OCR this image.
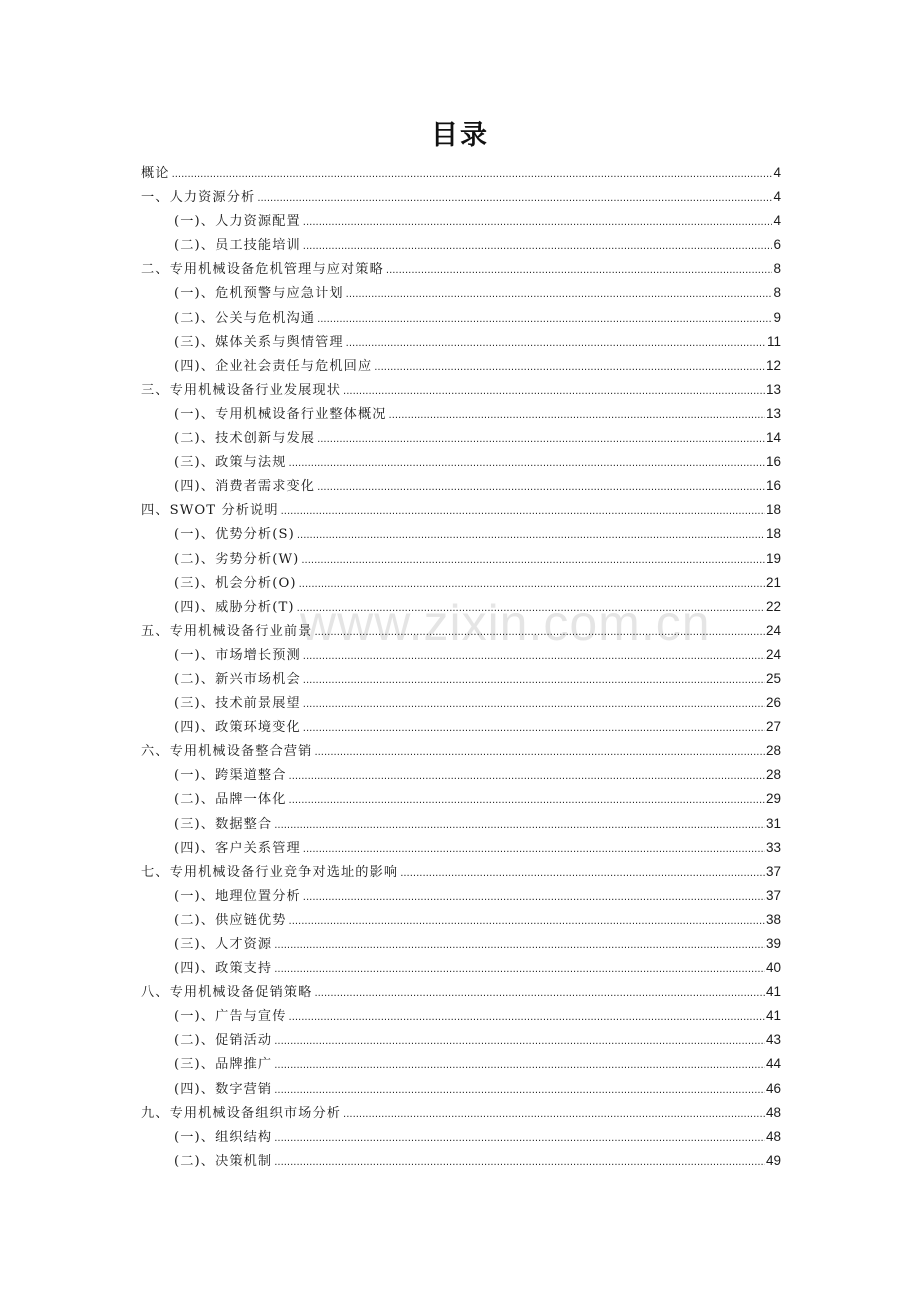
目录
概论 .....	4
一、人力资源分析 .....	4
(一)、人力资源配置 .....	4
(二)、员工技能培训 .....	6
二、专用机械设备危机管理与应对策略 .....	8
(一)、危机预警与应急计划 .....	8
(二)、公关与危机沟通 .....	9
(三)、媒体关系与舆情管理 .....	11
(四)、企业社会责任与危机回应 .....	12
三、专用机械设备行业发展现状 .....	13
(一)、专用机械设备行业整体概况 .....	13
(二)、技术创新与发展 .....	14
(三)、政策与法规 .....	16
(四)、消费者需求变化 .....	16
四、SWOT 分析说明 .....	18
(一)、优势分析(S) .....	18
(二)、劣势分析(W) .....	19
(三)、机会分析(O) .....	21
(四)、威胁分析(T) .....	22
五、专用机械设备行业前景 .....	24
(一)、市场增长预测 .....	24
(二)、新兴市场机会 .....	25
(三)、技术前景展望 .....	26
(四)、政策环境变化 .....	27
六、专用机械设备整合营销 .....	28
(一)、跨渠道整合 .....	28
(二)、品牌一体化 .....	29
(三)、数据整合 .....	31
(四)、客户关系管理 .....	33
七、专用机械设备行业竞争对选址的影响 .....	37
(一)、地理位置分析 .....	37
(二)、供应链优势 .....	38
(三)、人才资源 .....	39
(四)、政策支持 .....	40
八、专用机械设备促销策略 .....	41
(一)、广告与宣传 .....	41
(二)、促销活动 .....	43
(三)、品牌推广 .....	44
(四)、数字营销 .....	46
九、专用机械设备组织市场分析 .....	48
(一)、组织结构 .....	48
(二)、决策机制 .....	49
www.zixin.com.cn
